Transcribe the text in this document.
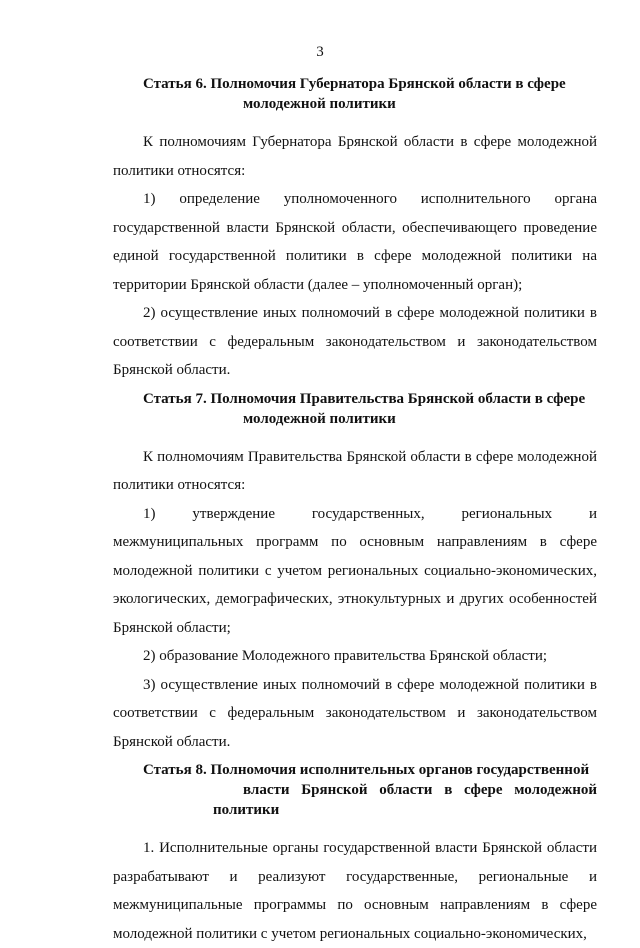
3

Статья 6. Полномочия Губернатора Брянской области в сфере
молодежной политики

К полномочиям Губернатора Брянской области в сфере молодежной политики относятся:

1) определение уполномоченного исполнительного органа государственной власти Брянской области, обеспечивающего проведение единой государственной политики в сфере молодежной политики на территории Брянской области (далее – уполномоченный орган);

2) осуществление иных полномочий в сфере молодежной политики в соответствии с федеральным законодательством и законодательством Брянской области.

Статья 7. Полномочия Правительства Брянской области в сфере
молодежной политики

К полномочиям Правительства Брянской области в сфере молодежной политики относятся:

1) утверждение государственных, региональных и межмуниципальных программ по основным направлениям в сфере молодежной политики с учетом региональных социально-экономических, экологических, демографических, этнокультурных и других особенностей Брянской области;

2) образование Молодежного правительства Брянской области;

3) осуществление иных полномочий в сфере молодежной политики в соответствии с федеральным законодательством и законодательством Брянской области.

Статья 8. Полномочия исполнительных органов государственной
власти Брянской области в сфере молодежной политики

1. Исполнительные органы государственной власти Брянской области разрабатывают и реализуют государственные, региональные и межмуниципальные программы по основным направлениям в сфере молодежной политики с учетом региональных социально-экономических,
